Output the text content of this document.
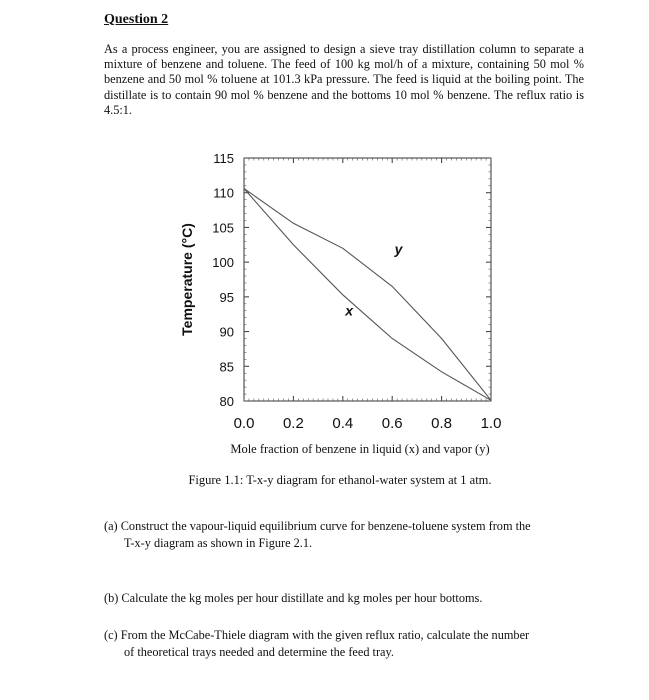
Question 2
As a process engineer, you are assigned to design a sieve tray distillation column to separate a mixture of benzene and toluene. The feed of 100 kg mol/h of a mixture, containing 50 mol % benzene and 50 mol % toluene at 101.3 kPa pressure. The feed is liquid at the boiling point. The distillate is to contain 90 mol % benzene and the bottoms 10 mol % benzene. The reflux ratio is 4.5:1.
115
110
105
100
95
90
85
80
0.0 0.2 0.4 0.6 0.8 1.0
Temperature (°C)	x
y
Mole fraction of benzene in liquid (x) and vapor (y)
Figure 1.1: T-x-y diagram for ethanol-water system at 1 atm.
(a) Construct the vapour-liquid equilibrium curve for benzene-toluene system from the
T-x-y diagram as shown in Figure 2.1.
(b) Calculate the kg moles per hour distillate and kg moles per hour bottoms.
(c) From the McCabe-Thiele diagram with the given reflux ratio, calculate the number
of theoretical trays needed and determine the feed tray.
